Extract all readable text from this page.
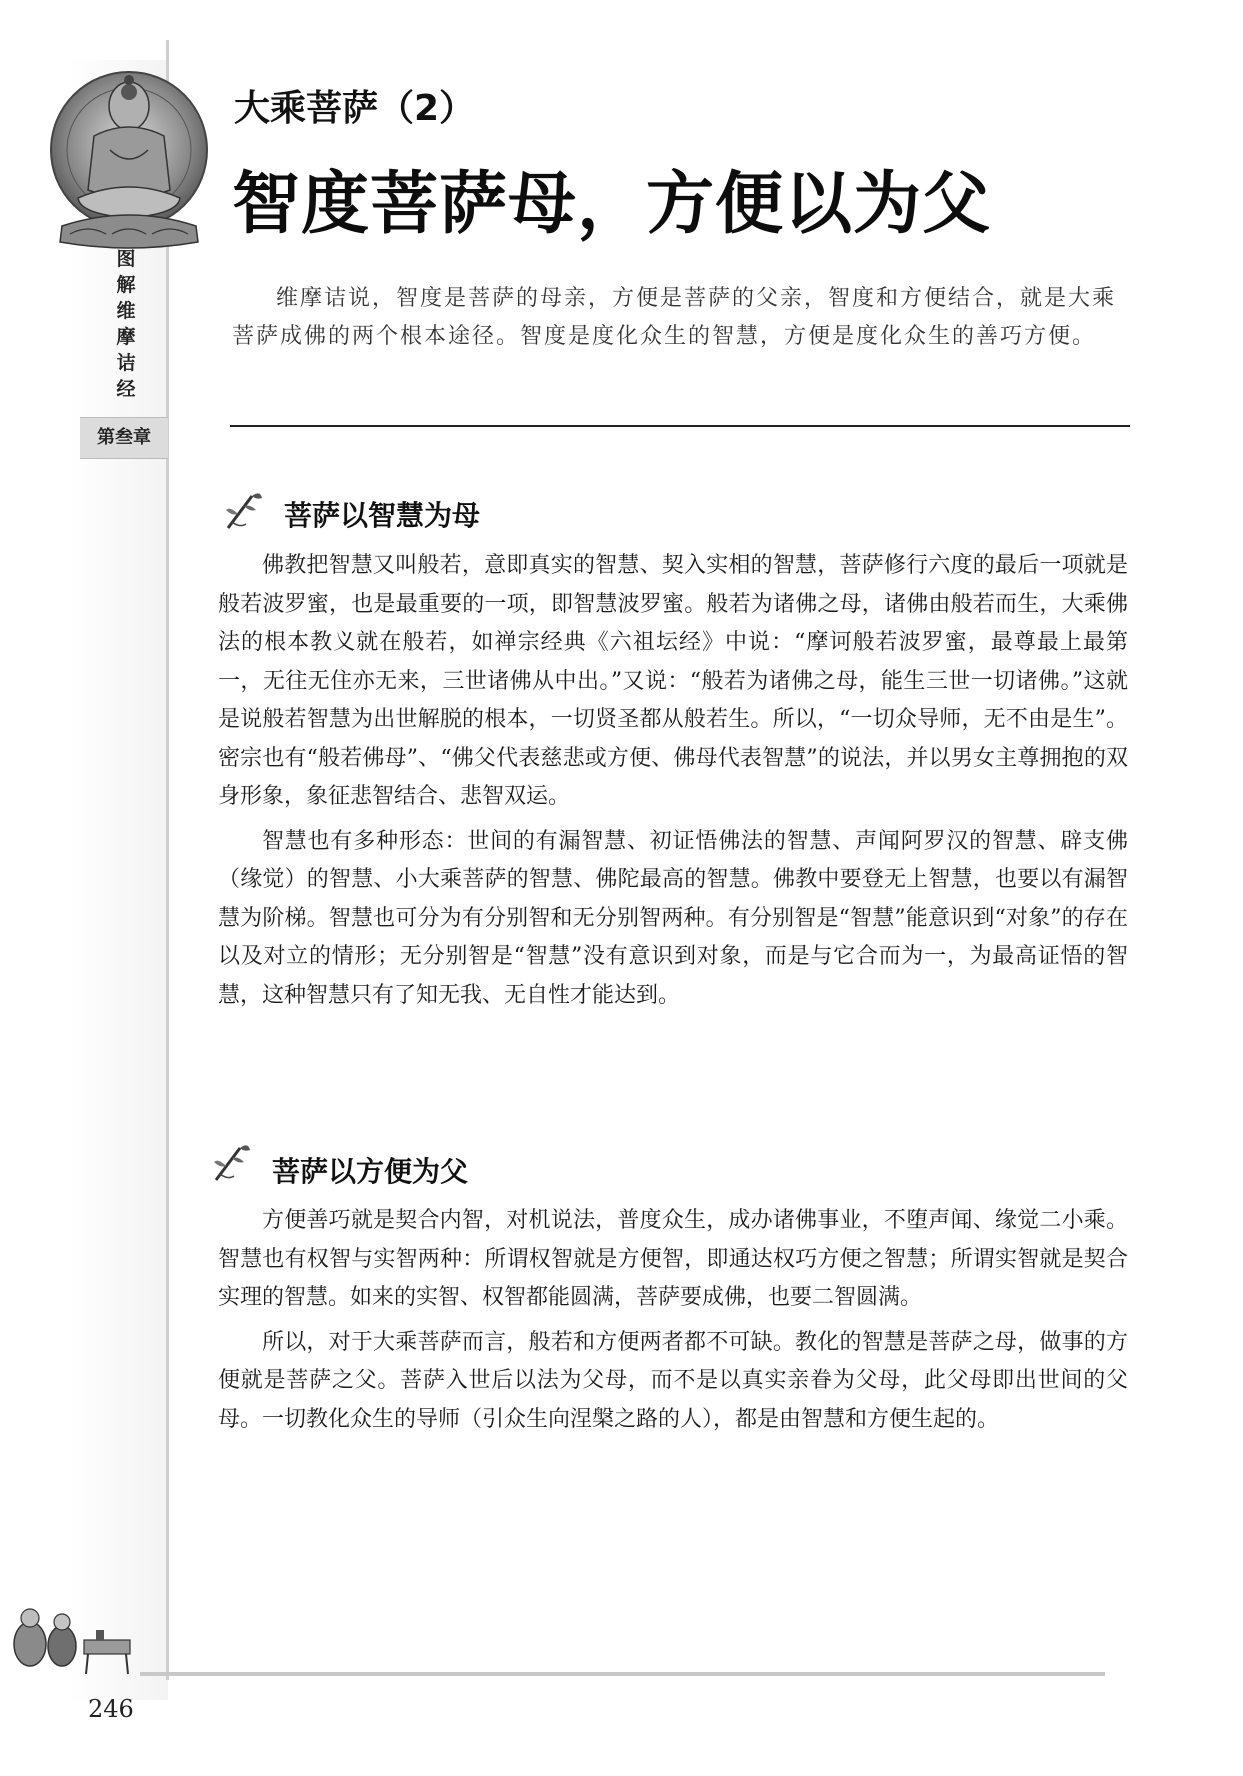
图
解
维
摩
诘
经
第叁章
大乘菩萨（2）
智度菩萨母，方便以为父
维摩诘说，智度是菩萨的母亲，方便是菩萨的父亲，智度和方便结合，就是大乘菩萨成佛的两个根本途径。智度是度化众生的智慧，方便是度化众生的善巧方便。
菩萨以智慧为母

佛教把智慧又叫般若，意即真实的智慧、契入实相的智慧，菩萨修行六度的最后一项就是般若波罗蜜，也是最重要的一项，即智慧波罗蜜。般若为诸佛之母，诸佛由般若而生，大乘佛法的根本教义就在般若，如禅宗经典《六祖坛经》中说：“摩诃般若波罗蜜，最尊最上最第一，无往无住亦无来，三世诸佛从中出。”又说：“般若为诸佛之母，能生三世一切诸佛。”这就是说般若智慧为出世解脱的根本，一切贤圣都从般若生。所以，“一切众导师，无不由是生”。密宗也有“般若佛母”、“佛父代表慈悲或方便、佛母代表智慧”的说法，并以男女主尊拥抱的双身形象，象征悲智结合、悲智双运。

智慧也有多种形态：世间的有漏智慧、初证悟佛法的智慧、声闻阿罗汉的智慧、辟支佛（缘觉）的智慧、小大乘菩萨的智慧、佛陀最高的智慧。佛教中要登无上智慧，也要以有漏智慧为阶梯。智慧也可分为有分别智和无分别智两种。有分别智是“智慧”能意识到“对象”的存在以及对立的情形；无分别智是“智慧”没有意识到对象，而是与它合而为一，为最高证悟的智慧，这种智慧只有了知无我、无自性才能达到。

菩萨以方便为父

方便善巧就是契合内智，对机说法，普度众生，成办诸佛事业，不堕声闻、缘觉二小乘。智慧也有权智与实智两种：所谓权智就是方便智，即通达权巧方便之智慧；所谓实智就是契合实理的智慧。如来的实智、权智都能圆满，菩萨要成佛，也要二智圆满。

所以，对于大乘菩萨而言，般若和方便两者都不可缺。教化的智慧是菩萨之母，做事的方便就是菩萨之父。菩萨入世后以法为父母，而不是以真实亲眷为父母，此父母即出世间的父母。一切教化众生的导师（引众生向涅槃之路的人），都是由智慧和方便生起的。

246
